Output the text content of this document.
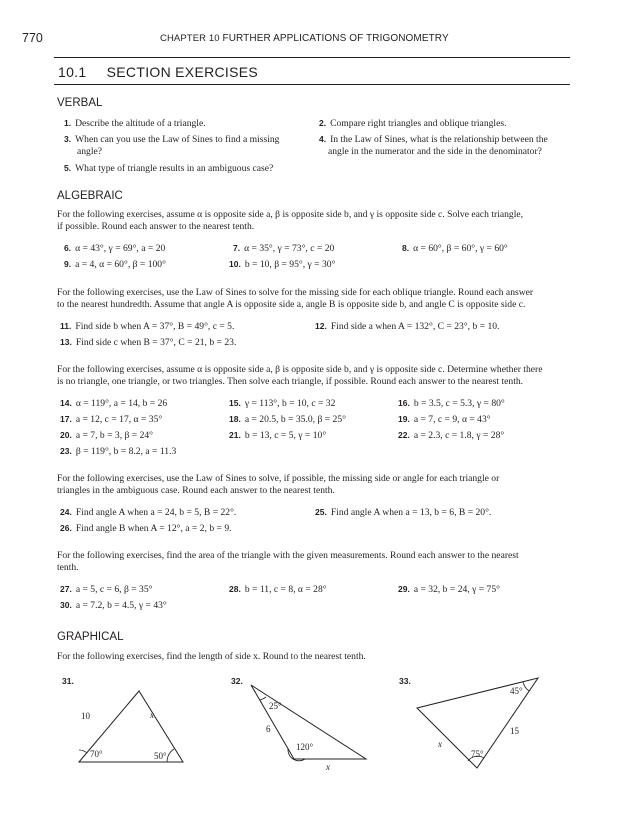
770	CHAPTER 10 FURTHER APPLICATIONS OF TRIGONOMETRY
10.1 SECTION EXERCISES
VERBAL
1. Describe the altitude of a triangle.	2. Compare right triangles and oblique triangles.
3. When can you use the Law of Sines to find a missing
angle?
4. In the Law of Sines, what is the relationship between the
angle in the numerator and the side in the denominator?
5. What type of triangle results in an ambiguous case?
ALGEBRAIC
For the following exercises, assume α is opposite side a, β is opposite side b, and γ is opposite side c. Solve each triangle,
if possible. Round each answer to the nearest tenth.
6. α = 43°, γ = 69°, a = 20	7. α = 35°, γ = 73°, c = 20	8. α = 60°, β = 60°, γ = 60°
9. a = 4, α = 60°, β = 100°	10. b = 10, β = 95°, γ = 30°
For the following exercises, use the Law of Sines to solve for the missing side for each oblique triangle. Round each answer
to the nearest hundredth. Assume that angle A is opposite side a, angle B is opposite side b, and angle C is opposite side c.
11. Find side b when A = 37°, B = 49°, c = 5.	12. Find side a when A = 132°, C = 23°, b = 10.
13. Find side c when B = 37°, C = 21, b = 23.
For the following exercises, assume α is opposite side a, β is opposite side b, and γ is opposite side c. Determine whether there
is no triangle, one triangle, or two triangles. Then solve each triangle, if possible. Round each answer to the nearest tenth.
14. α = 119°, a = 14, b = 26	15. γ = 113°, b = 10, c = 32	16. b = 3.5, c = 5.3, γ = 80°
17. a = 12, c = 17, α = 35°	18. a = 20.5, b = 35.0, β = 25°	19. a = 7, c = 9, α = 43°
20. a = 7, b = 3, β = 24°	21. b = 13, c = 5, γ = 10°	22. a = 2.3, c = 1.8, γ = 28°
23. β = 119°, b = 8.2, a = 11.3
For the following exercises, use the Law of Sines to solve, if possible, the missing side or angle for each triangle or
triangles in the ambiguous case. Round each answer to the nearest tenth.
24. Find angle A when a = 24, b = 5, B = 22°.	25. Find angle A when a = 13, b = 6, B = 20°.
26. Find angle B when A = 12°, a = 2, b = 9.
For the following exercises, find the area of the triangle with the given measurements. Round each answer to the nearest
tenth.
27. a = 5, c = 6, β = 35°	28. b = 11, c = 8, α = 28°	29. a = 32, b = 24, γ = 75°
30. a = 7.2, b = 4.5, γ = 43°
GRAPHICAL
For the following exercises, find the length of side x. Round to the nearest tenth.
31.
10	x
70°	50°
32.
25°
6
120°
x
33.
45°
15
x
75°
